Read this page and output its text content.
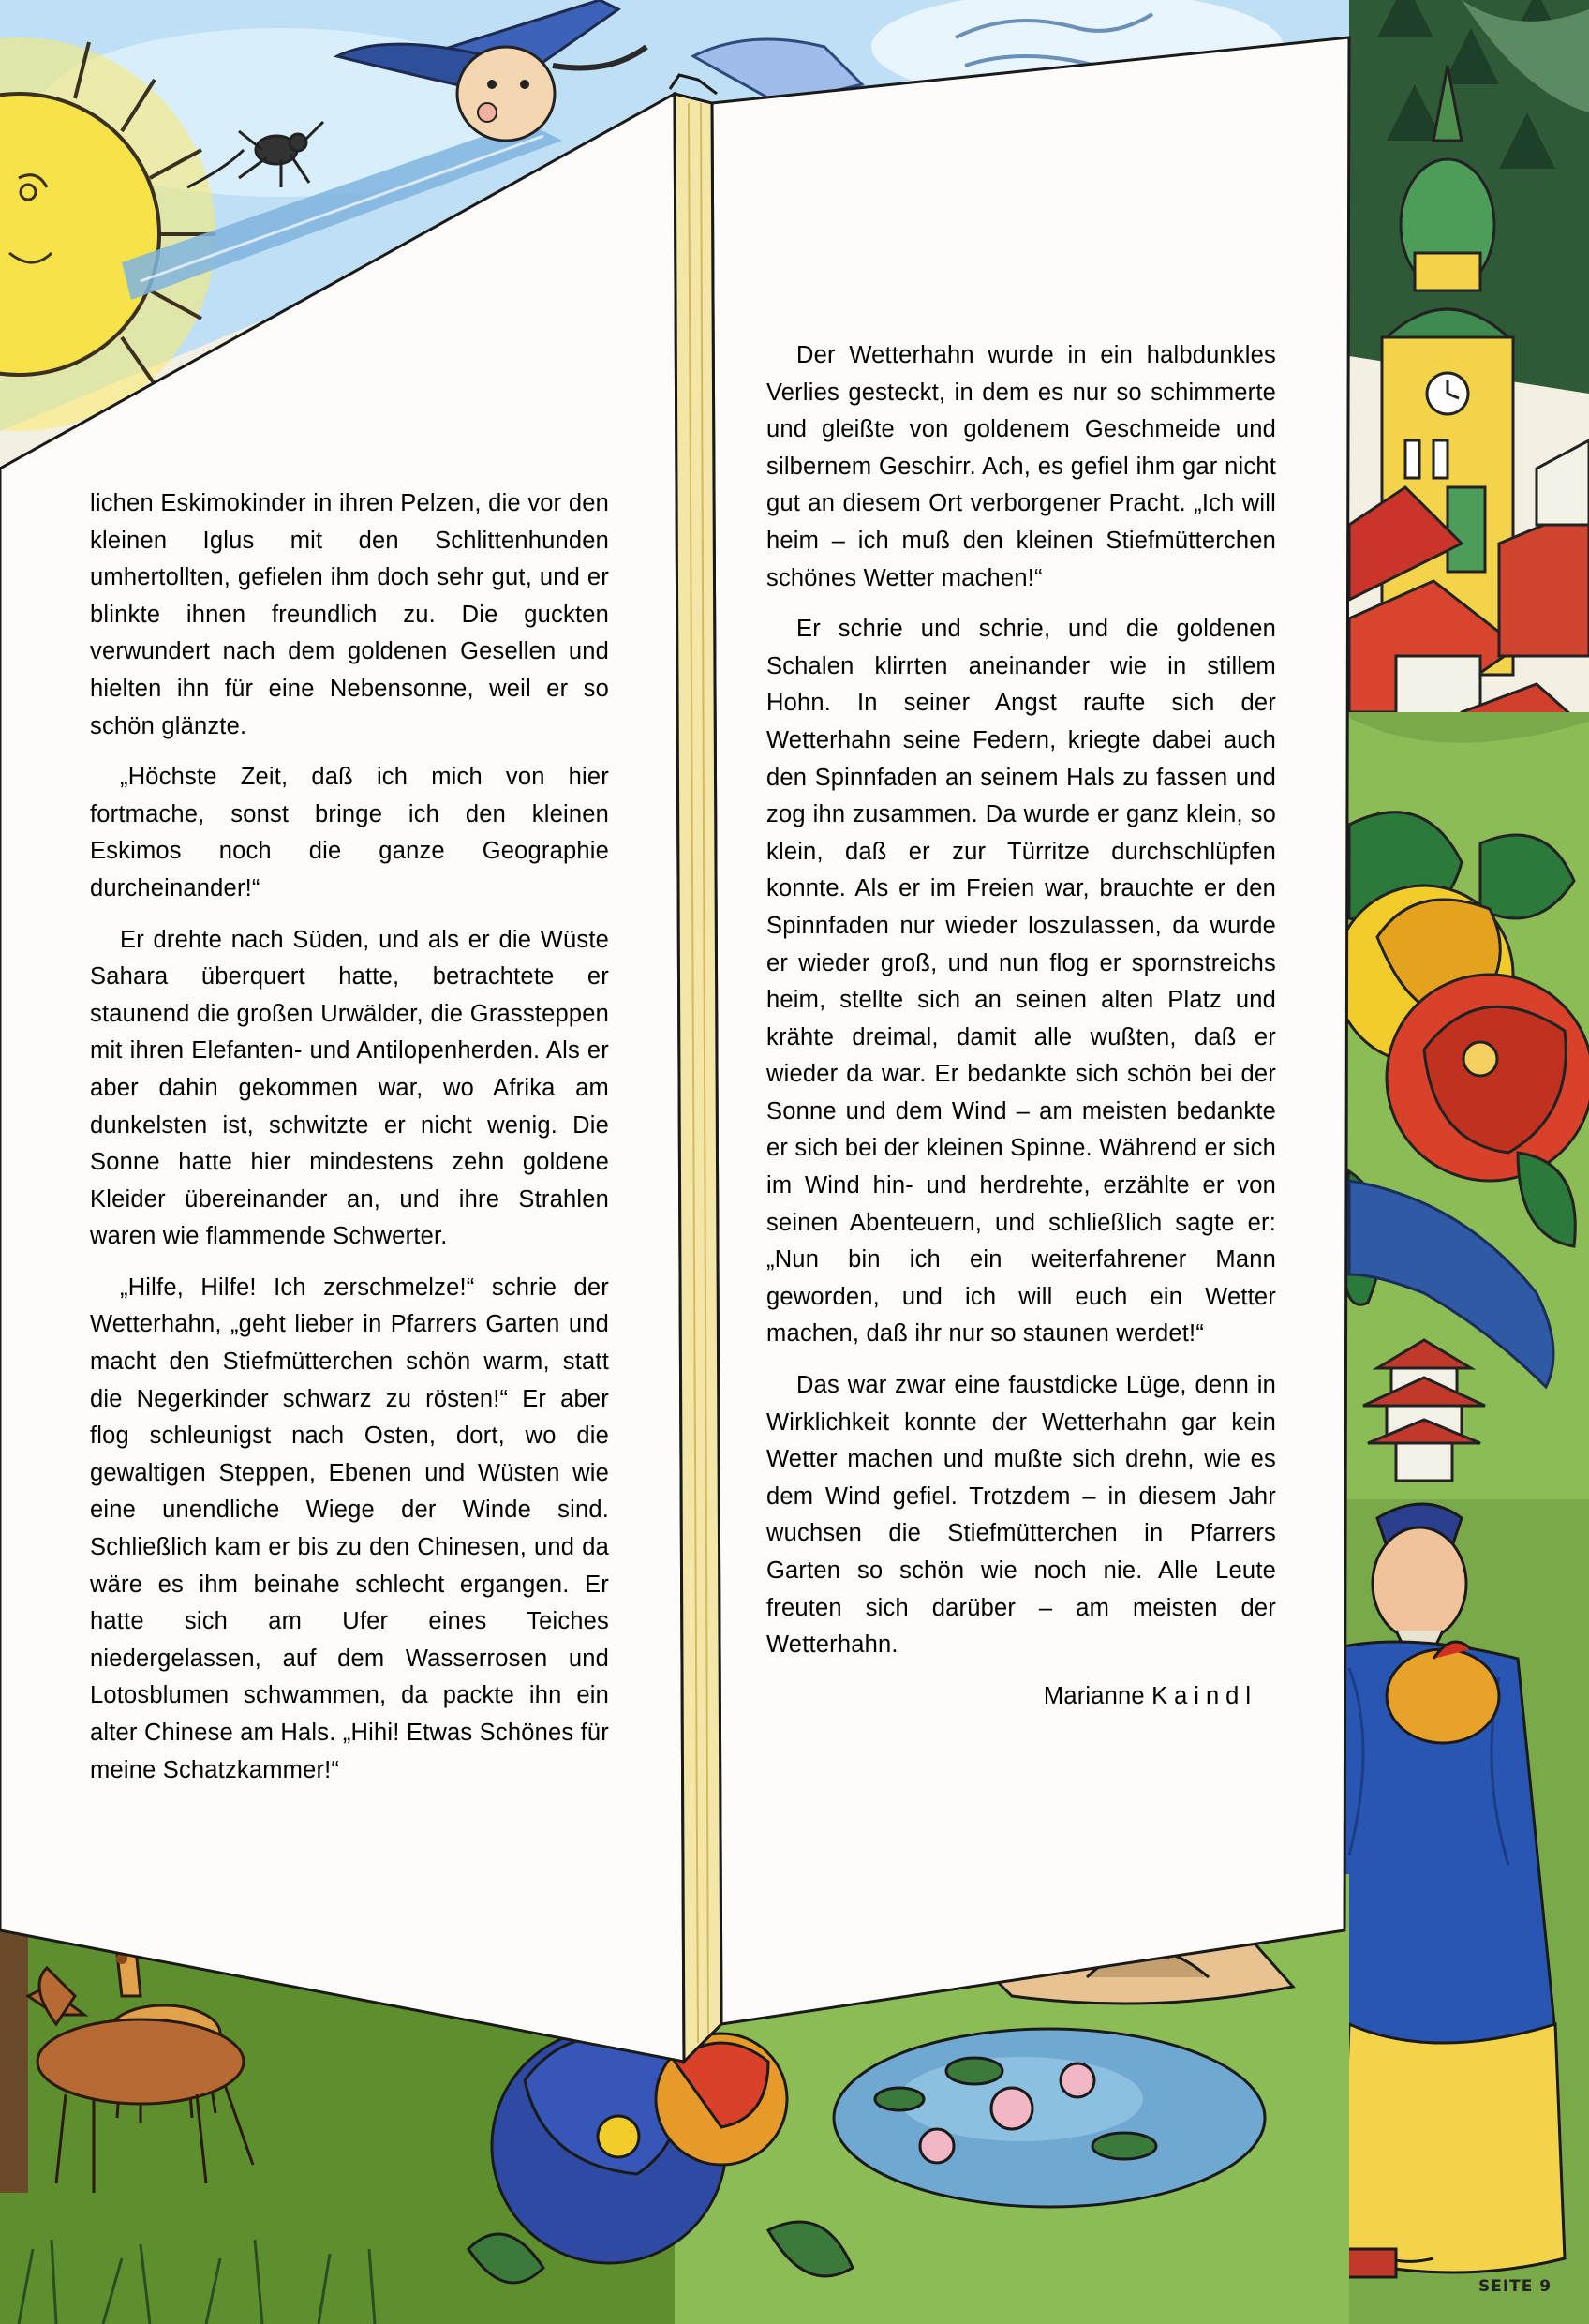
lichen Eskimokinder in ihren Pelzen, die vor den kleinen Iglus mit den Schlittenhunden umhertollten, gefielen ihm doch sehr gut, und er blinkte ihnen freundlich zu. Die guckten verwundert nach dem goldenen Gesellen und hielten ihn für eine Nebensonne, weil er so schön glänzte.

„Höchste Zeit, daß ich mich von hier fortmache, sonst bringe ich den kleinen Eskimos noch die ganze Geographie durcheinander!“

Er drehte nach Süden, und als er die Wüste Sahara überquert hatte, betrachtete er staunend die großen Urwälder, die Grassteppen mit ihren Elefanten- und Antilopenherden. Als er aber dahin gekommen war, wo Afrika am dunkelsten ist, schwitzte er nicht wenig. Die Sonne hatte hier mindestens zehn goldene Kleider übereinander an, und ihre Strahlen waren wie flammende Schwerter.

„Hilfe, Hilfe! Ich zerschmelze!“ schrie der Wetterhahn, „geht lieber in Pfarrers Garten und macht den Stiefmütterchen schön warm, statt die Negerkinder schwarz zu rösten!“ Er aber flog schleunigst nach Osten, dort, wo die gewaltigen Steppen, Ebenen und Wüsten wie eine unendliche Wiege der Winde sind. Schließlich kam er bis zu den Chinesen, und da wäre es ihm beinahe schlecht ergangen. Er hatte sich am Ufer eines Teiches niedergelassen, auf dem Wasserrosen und Lotosblumen schwammen, da packte ihn ein alter Chinese am Hals. „Hihi! Etwas Schönes für meine Schatzkammer!“

Der Wetterhahn wurde in ein halbdunkles Verlies gesteckt, in dem es nur so schimmerte und gleißte von goldenem Geschmeide und silbernem Geschirr. Ach, es gefiel ihm gar nicht gut an diesem Ort verborgener Pracht. „Ich will heim – ich muß den kleinen Stiefmütterchen schönes Wetter machen!“

Er schrie und schrie, und die goldenen Schalen klirrten aneinander wie in stillem Hohn. In seiner Angst raufte sich der Wetterhahn seine Federn, kriegte dabei auch den Spinnfaden an seinem Hals zu fassen und zog ihn zusammen. Da wurde er ganz klein, so klein, daß er zur Türritze durchschlüpfen konnte. Als er im Freien war, brauchte er den Spinnfaden nur wieder loszulassen, da wurde er wieder groß, und nun flog er spornstreichs heim, stellte sich an seinen alten Platz und krähte dreimal, damit alle wußten, daß er wieder da war. Er bedankte sich schön bei der Sonne und dem Wind – am meisten bedankte er sich bei der kleinen Spinne. Während er sich im Wind hin- und herdrehte, erzählte er von seinen Abenteuern, und schließlich sagte er: „Nun bin ich ein weiterfahrener Mann geworden, und ich will euch ein Wetter machen, daß ihr nur so staunen werdet!“

Das war zwar eine faustdicke Lüge, denn in Wirklichkeit konnte der Wetterhahn gar kein Wetter machen und mußte sich drehn, wie es dem Wind gefiel. Trotzdem – in diesem Jahr wuchsen die Stiefmütterchen in Pfarrers Garten so schön wie noch nie. Alle Leute freuten sich darüber – am meisten der Wetterhahn.

Marianne Kaindl
SEITE 9
